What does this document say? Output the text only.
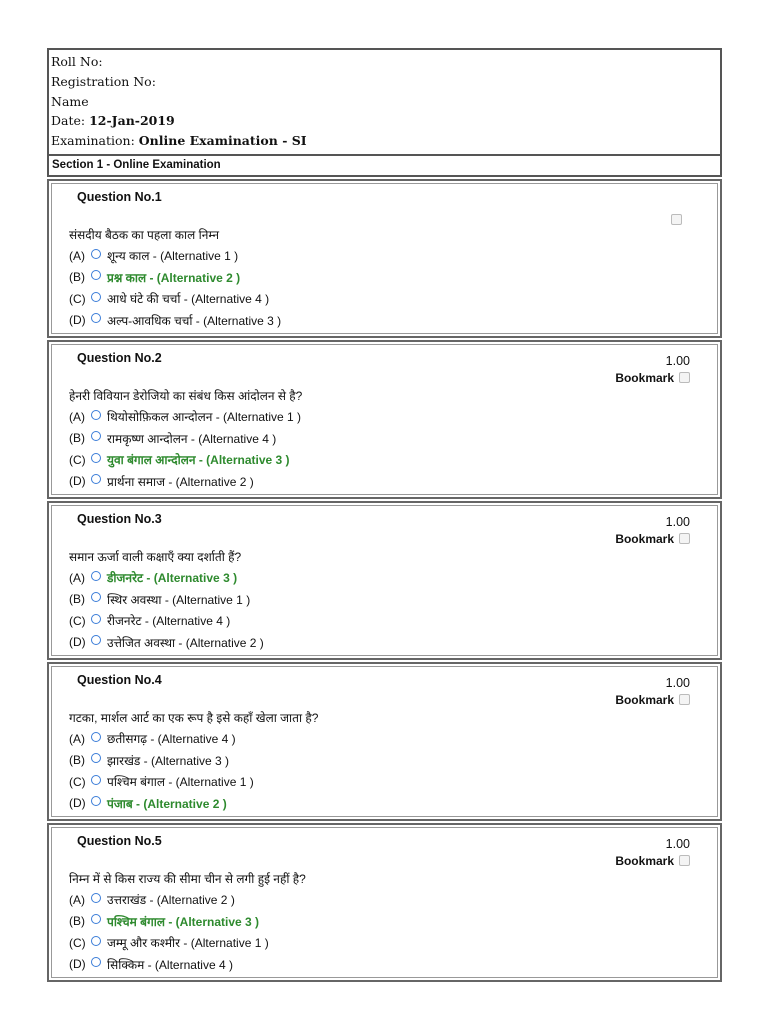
Roll No:
Registration No:
Name
Date: 12-Jan-2019
Examination: Online Examination - SI
Section 1 - Online Examination
Question No.1
संसदीय बैठक का पहला काल निम्न
(A)	शून्य काल - (Alternative 1 )
(B)	प्रश्न काल - (Alternative 2 )
(C)	आधे घंटे की चर्चा - (Alternative 4 )
(D)	अल्प-आवधिक चर्चा - (Alternative 3 )
Question No.2	1.00
Bookmark
हेनरी विवियान डेरोजियो का संबंध किस आंदोलन से है?
(A)	थियोसोफ़िकल आन्दोलन - (Alternative 1 )
(B)	रामकृष्ण आन्दोलन - (Alternative 4 )
(C)	युवा बंगाल आन्दोलन - (Alternative 3 )
(D)	प्रार्थना समाज - (Alternative 2 )
Question No.3	1.00
Bookmark
समान ऊर्जा वाली कक्षाएँ क्या दर्शाती हैं?
(A)	डीजनरेट - (Alternative 3 )
(B)	स्थिर अवस्था - (Alternative 1 )
(C)	रीजनरेट - (Alternative 4 )
(D)	उत्तेजित अवस्था - (Alternative 2 )
Question No.4	1.00
Bookmark
गटका, मार्शल आर्ट का एक रूप है इसे कहाँ खेला जाता है?
(A)	छतीसगढ़ - (Alternative 4 )
(B)	झारखंड - (Alternative 3 )
(C)	पश्चिम बंगाल - (Alternative 1 )
(D)	पंजाब - (Alternative 2 )
Question No.5	1.00
Bookmark
निम्न में से किस राज्य की सीमा चीन से लगी हुई नहीं है?
(A)	उत्तराखंड - (Alternative 2 )
(B)	पश्चिम बंगाल - (Alternative 3 )
(C)	जम्मू और कश्मीर - (Alternative 1 )
(D)	सिक्किम - (Alternative 4 )
